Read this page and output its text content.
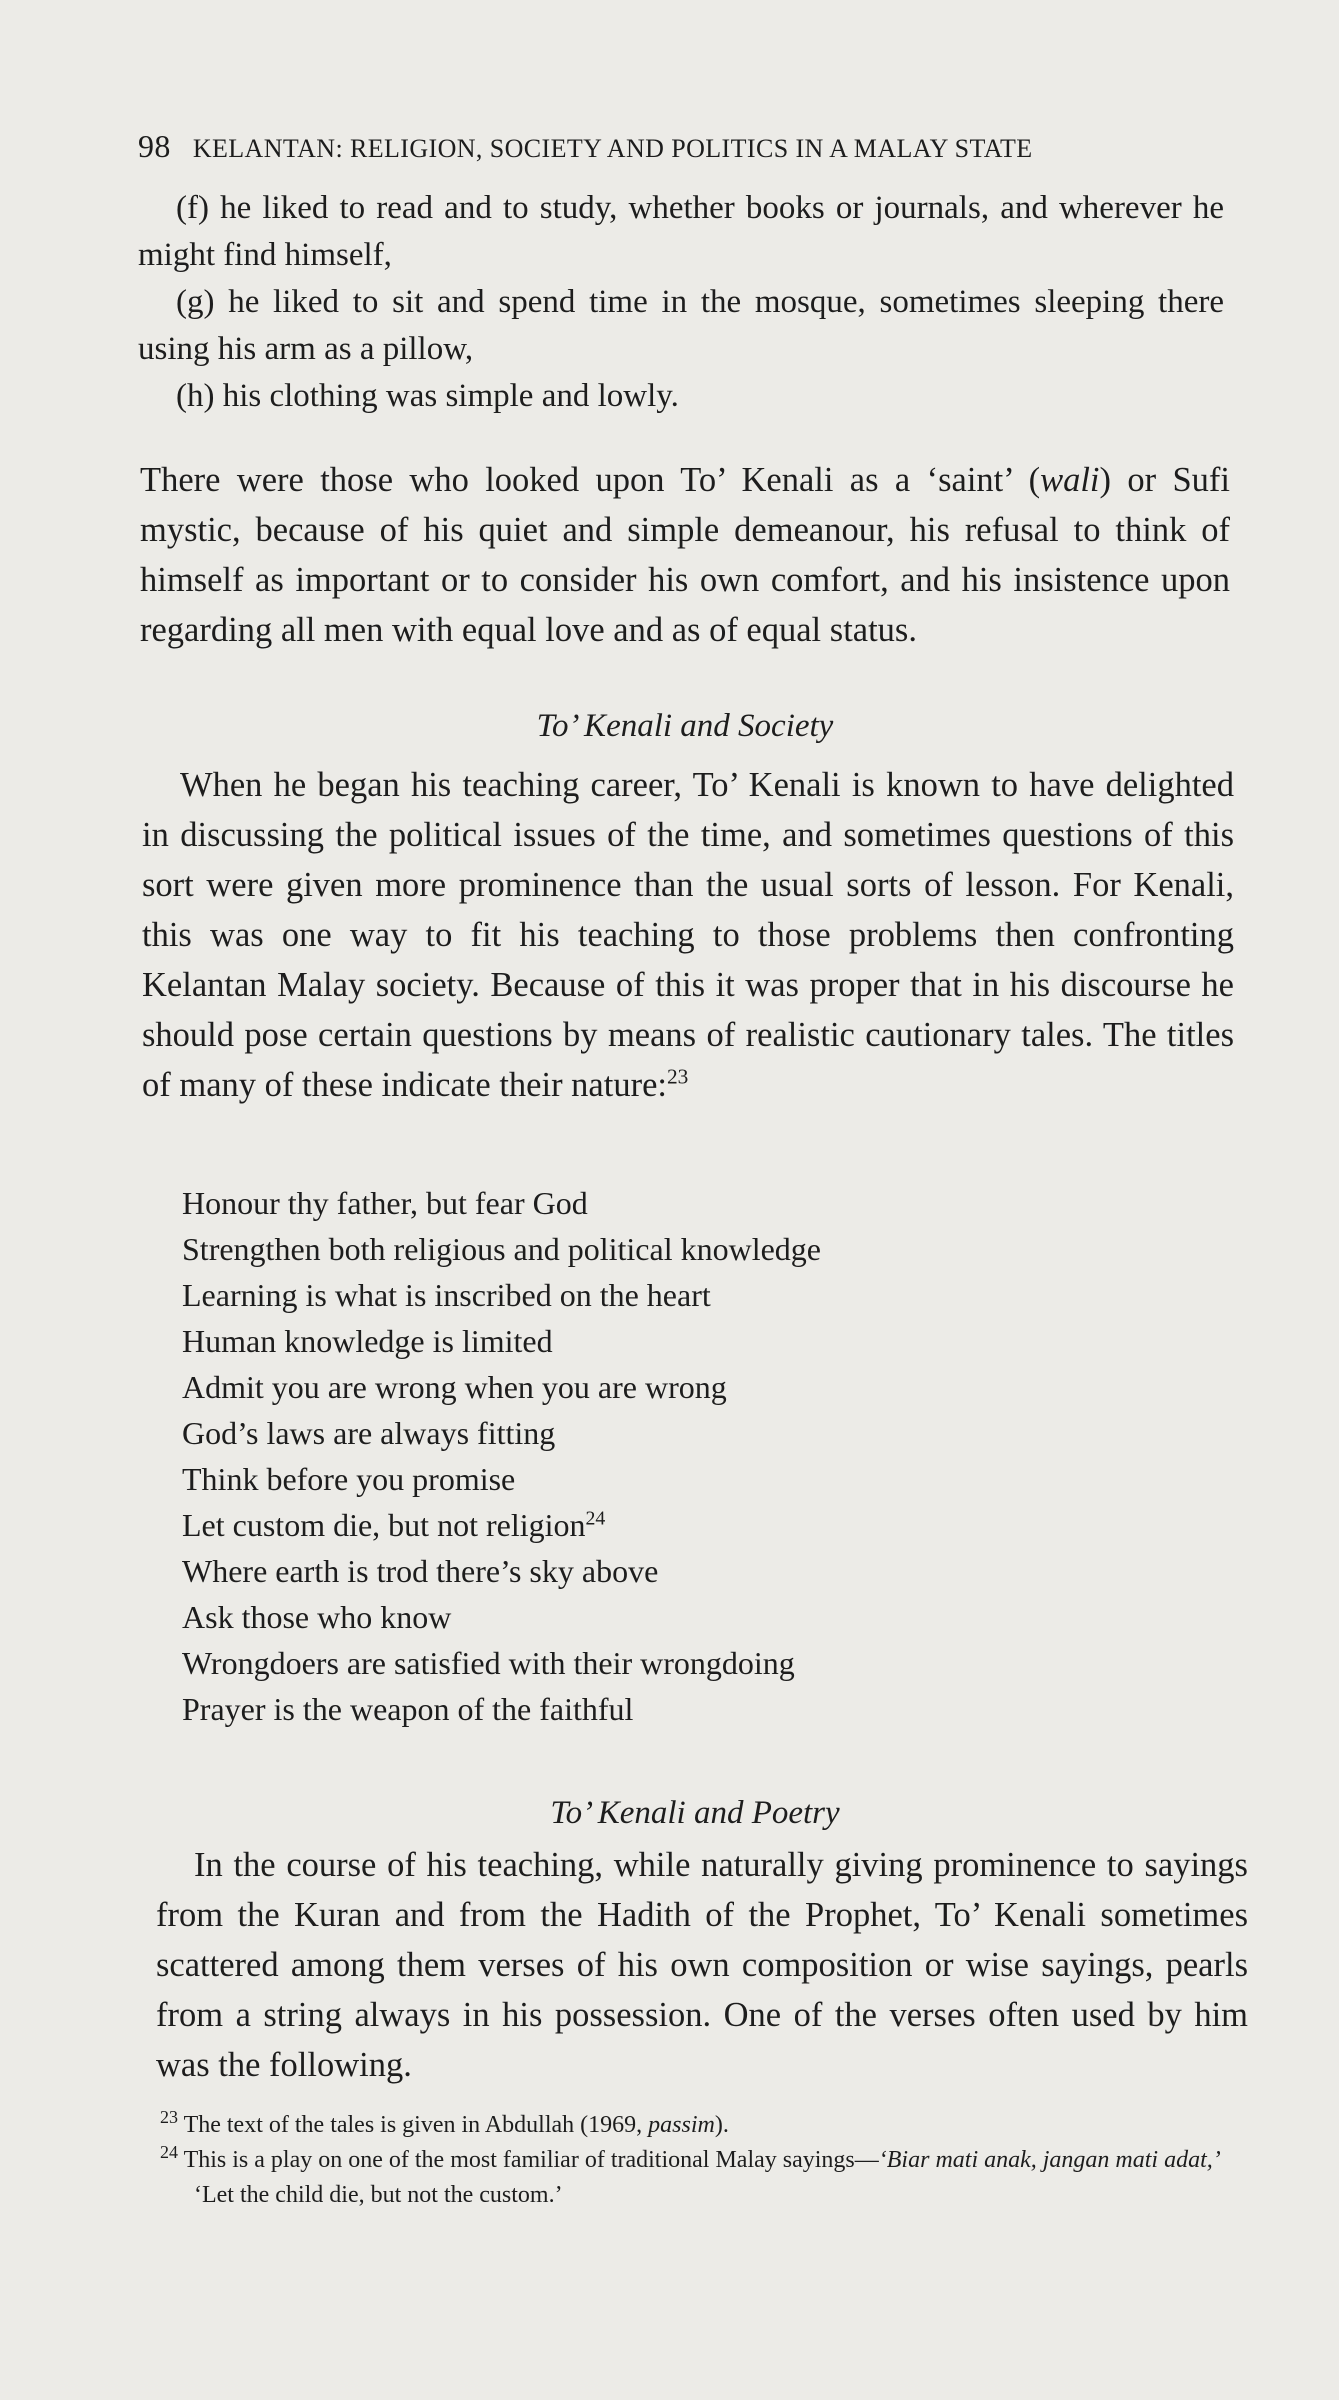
98 KELANTAN: RELIGION, SOCIETY AND POLITICS IN A MALAY STATE

(f) he liked to read and to study, whether books or journals, and wherever he might find himself,

(g) he liked to sit and spend time in the mosque, sometimes sleeping there using his arm as a pillow,

(h) his clothing was simple and lowly.

There were those who looked upon To’ Kenali as a ‘saint’ (wali) or Sufi mystic, because of his quiet and simple demeanour, his refusal to think of himself as important or to consider his own comfort, and his insistence upon regarding all men with equal love and as of equal status.

To’ Kenali and Society

When he began his teaching career, To’ Kenali is known to have delighted in discussing the political issues of the time, and sometimes questions of this sort were given more prominence than the usual sorts of lesson. For Kenali, this was one way to fit his teaching to those problems then confronting Kelantan Malay society. Because of this it was proper that in his discourse he should pose certain questions by means of realistic cautionary tales. The titles of many of these indicate their nature:$^{23}$

Honour thy father, but fear God
Strengthen both religious and political knowledge
Learning is what is inscribed on the heart
Human knowledge is limited
Admit you are wrong when you are wrong
God’s laws are always fitting
Think before you promise
Let custom die, but not religion$^{24}$
Where earth is trod there’s sky above
Ask those who know
Wrongdoers are satisfied with their wrongdoing
Prayer is the weapon of the faithful
To’ Kenali and Poetry

In the course of his teaching, while naturally giving prominence to sayings from the Kuran and from the Hadith of the Prophet, To’ Kenali sometimes scattered among them verses of his own composition or wise sayings, pearls from a string always in his possession. One of the verses often used by him was the following.

$^{23}$ The text of the tales is given in Abdullah (1969, passim).

$^{24}$ This is a play on one of the most familiar of traditional Malay sayings—‘Biar mati anak, jangan mati adat,’ ‘Let the child die, but not the custom.’
